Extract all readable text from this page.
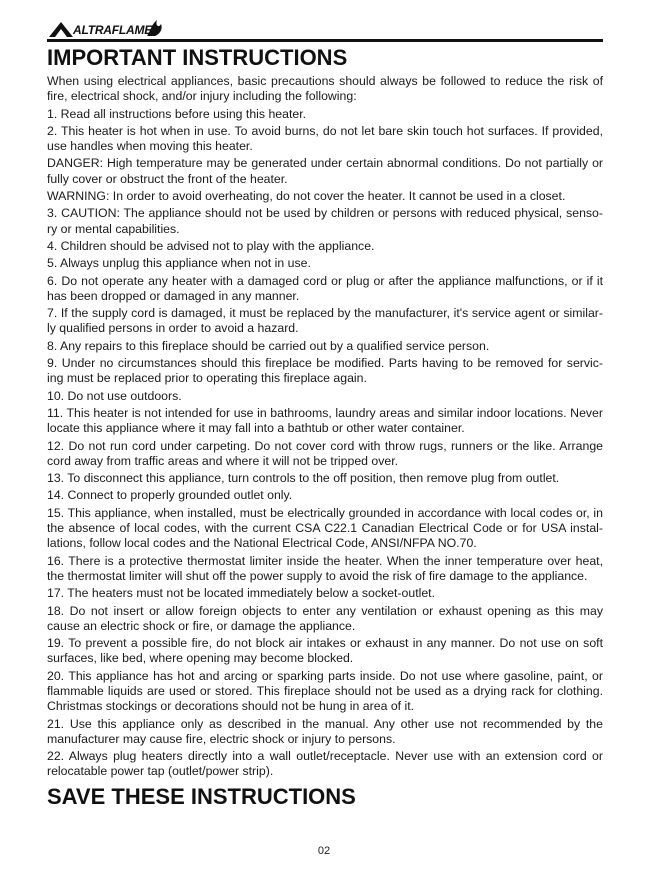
ALTRAFLAME
IMPORTANT INSTRUCTIONS

When using electrical appliances, basic precautions should always be followed to reduce the risk of fire, electrical shock, and/or injury including the following:

1. Read all instructions before using this heater.

2. This heater is hot when in use. To avoid burns, do not let bare skin touch hot surfaces. If provided, use handles when moving this heater.

DANGER: High temperature may be generated under certain abnormal conditions. Do not partially or fully cover or obstruct the front of the heater.

WARNING: In order to avoid overheating, do not cover the heater. It cannot be used in a closet.

3. CAUTION: The appliance should not be used by children or persons with reduced physical, senso-ry or mental capabilities.

4. Children should be advised not to play with the appliance.

5. Always unplug this appliance when not in use.

6. Do not operate any heater with a damaged cord or plug or after the appliance malfunctions, or if it has been dropped or damaged in any manner.

7. If the supply cord is damaged, it must be replaced by the manufacturer, it's service agent or similar-ly qualified persons in order to avoid a hazard.

8. Any repairs to this fireplace should be carried out by a qualified service person.

9. Under no circumstances should this fireplace be modified. Parts having to be removed for servic-ing must be replaced prior to operating this fireplace again.

10. Do not use outdoors.

11. This heater is not intended for use in bathrooms, laundry areas and similar indoor locations. Never locate this appliance where it may fall into a bathtub or other water container.

12. Do not run cord under carpeting. Do not cover cord with throw rugs, runners or the like. Arrange cord away from traffic areas and where it will not be tripped over.

13. To disconnect this appliance, turn controls to the off position, then remove plug from outlet.

14. Connect to properly grounded outlet only.

15. This appliance, when installed, must be electrically grounded in accordance with local codes or, in the absence of local codes, with the current CSA C22.1 Canadian Electrical Code or for USA instal-lations, follow local codes and the National Electrical Code, ANSI/NFPA NO.70.

16. There is a protective thermostat limiter inside the heater. When the inner temperature over heat, the thermostat limiter will shut off the power supply to avoid the risk of fire damage to the appliance.

17. The heaters must not be located immediately below a socket-outlet.

18. Do not insert or allow foreign objects to enter any ventilation or exhaust opening as this may cause an electric shock or fire, or damage the appliance.

19. To prevent a possible fire, do not block air intakes or exhaust in any manner. Do not use on soft surfaces, like bed, where opening may become blocked.

20. This appliance has hot and arcing or sparking parts inside. Do not use where gasoline, paint, or flammable liquids are used or stored. This fireplace should not be used as a drying rack for clothing. Christmas stockings or decorations should not be hung in area of it.

21. Use this appliance only as described in the manual. Any other use not recommended by the manufacturer may cause fire, electric shock or injury to persons.

22. Always plug heaters directly into a wall outlet/receptacle. Never use with an extension cord or relocatable power tap (outlet/power strip).

SAVE THESE INSTRUCTIONS
02
